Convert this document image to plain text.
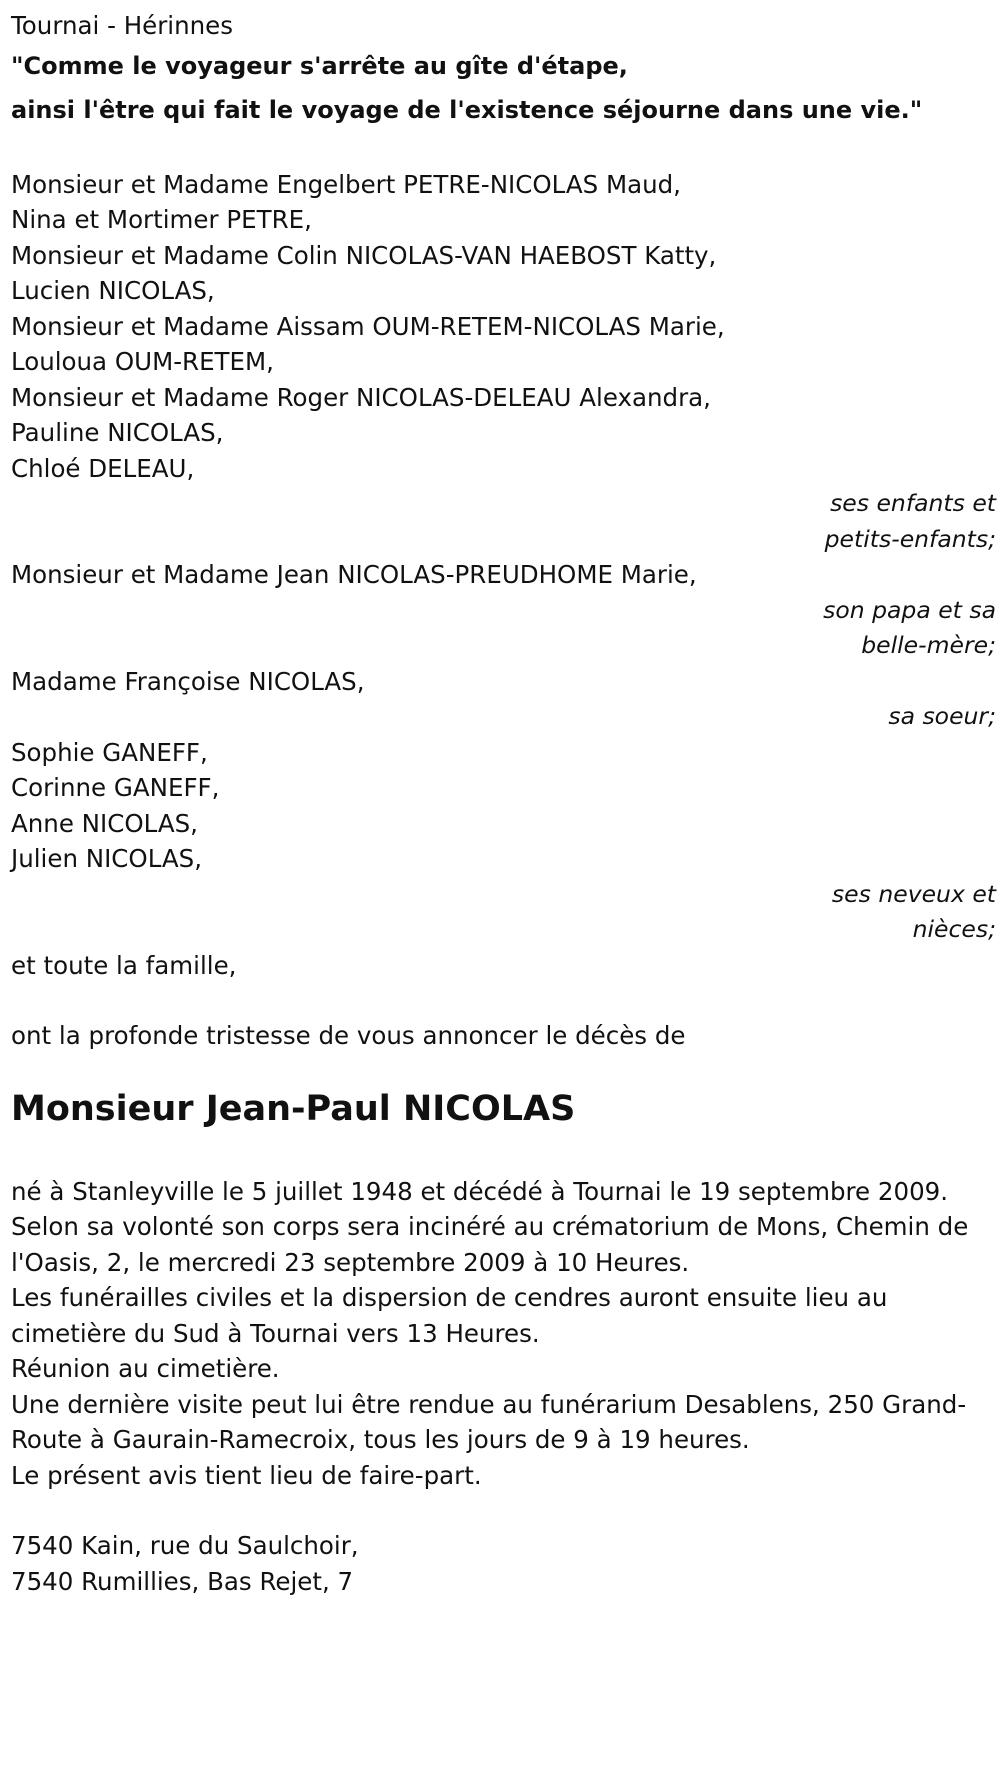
Tournai - Hérinnes
"Comme le voyageur s'arrête au gîte d'étape,
ainsi l'être qui fait le voyage de l'existence séjourne dans une vie."
Monsieur et Madame Engelbert PETRE-NICOLAS Maud,
Nina et Mortimer PETRE,
Monsieur et Madame Colin NICOLAS-VAN HAEBOST Katty,
Lucien NICOLAS,
Monsieur et Madame Aissam OUM-RETEM-NICOLAS Marie,
Louloua OUM-RETEM,
Monsieur et Madame Roger NICOLAS-DELEAU Alexandra,
Pauline NICOLAS,
Chloé DELEAU,
ses enfants et
petits-enfants;
Monsieur et Madame Jean NICOLAS-PREUDHOME Marie,
son papa et sa
belle-mère;
Madame Françoise NICOLAS,
sa soeur;
Sophie GANEFF,
Corinne GANEFF,
Anne NICOLAS,
Julien NICOLAS,
ses neveux et
nièces;
et toute la famille,
ont la profonde tristesse de vous annoncer le décès de
Monsieur Jean-Paul NICOLAS
né à Stanleyville le 5 juillet 1948 et décédé à Tournai le 19 septembre 2009.
Selon sa volonté son corps sera incinéré au crématorium de Mons, Chemin de l'Oasis, 2, le mercredi 23 septembre 2009 à 10 Heures.
Les funérailles civiles et la dispersion de cendres auront ensuite lieu au cimetière du Sud à Tournai vers 13 Heures.
Réunion au cimetière.
Une dernière visite peut lui être rendue au funérarium Desablens, 250 Grand-Route à Gaurain-Ramecroix, tous les jours de 9 à 19 heures.
Le présent avis tient lieu de faire-part.
7540 Kain, rue du Saulchoir,
7540 Rumillies, Bas Rejet, 7
